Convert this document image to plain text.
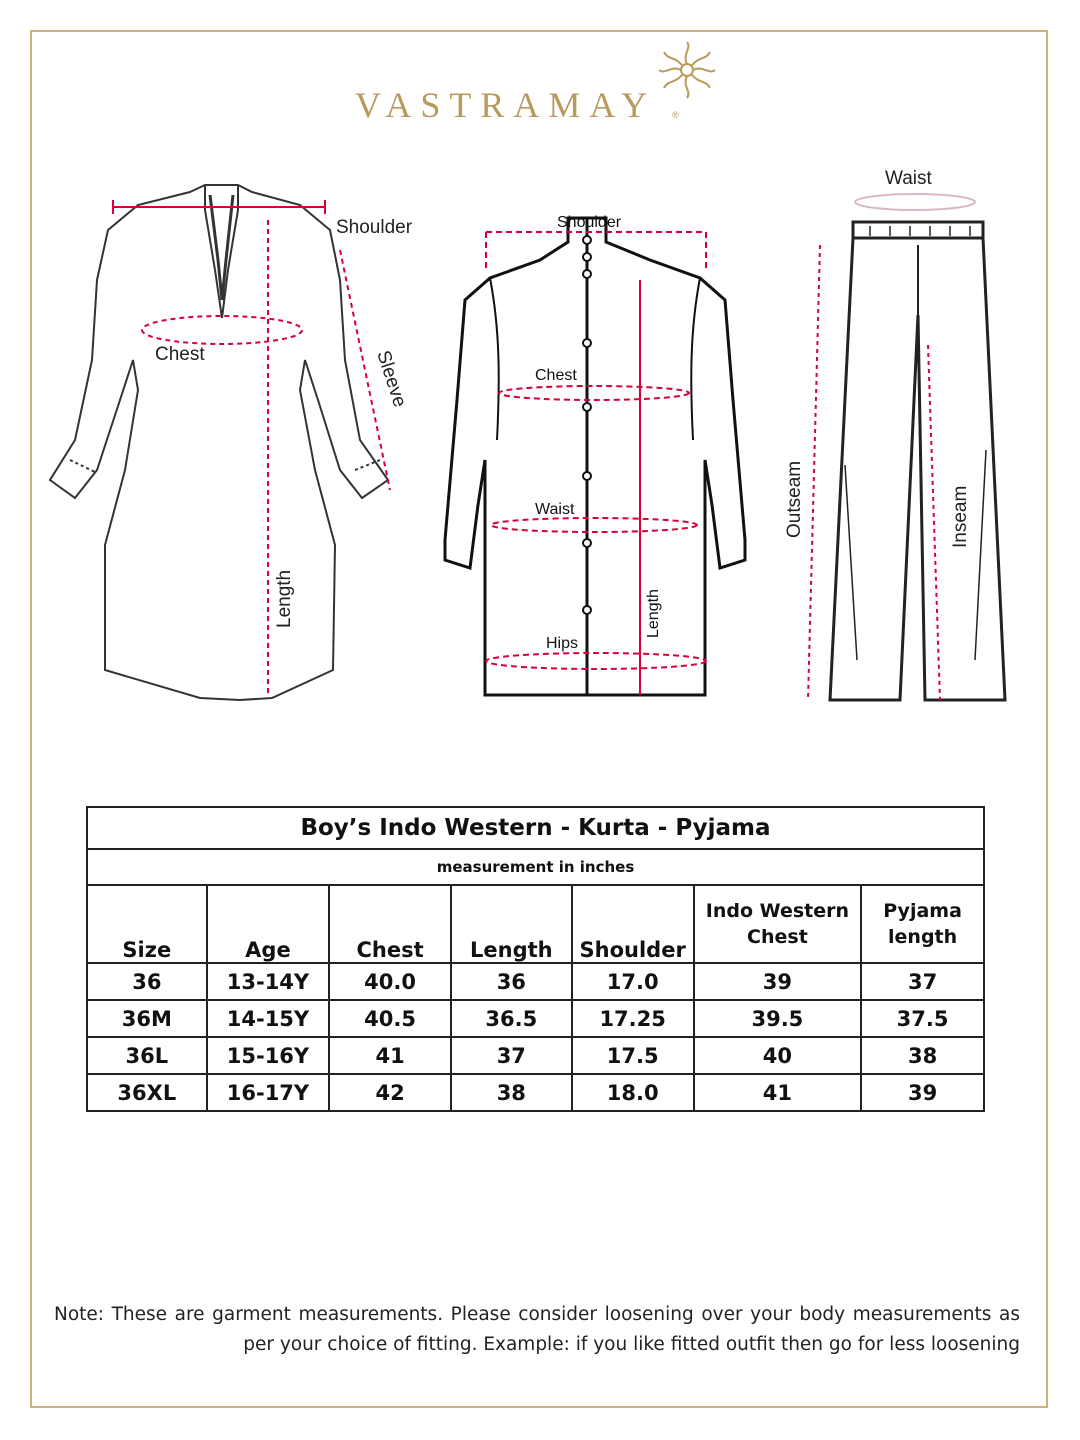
VASTRAMAY ®
Shoulder
Chest	Sleeve
Length
Shoulder
Chest
Waist
Hips
Length
Waist
Outseam	Inseam
Boy’s Indo Western - Kurta - Pyjama						
measurement in inches						
Size	Age	Chest	Length	Shoulder	Indo Western Chest	Pyjama length
36	13-14Y	40.0	36	17.0	39	37
36M	14-15Y	40.5	36.5	17.25	39.5	37.5
36L	15-16Y	41	37	17.5	40	38
36XL	16-17Y	42	38	18.0	41	39
Note: These are garment measurements. Please consider loosening over your body measurements as per your choice of fitting. Example: if you like fitted outfit then go for less loosening
